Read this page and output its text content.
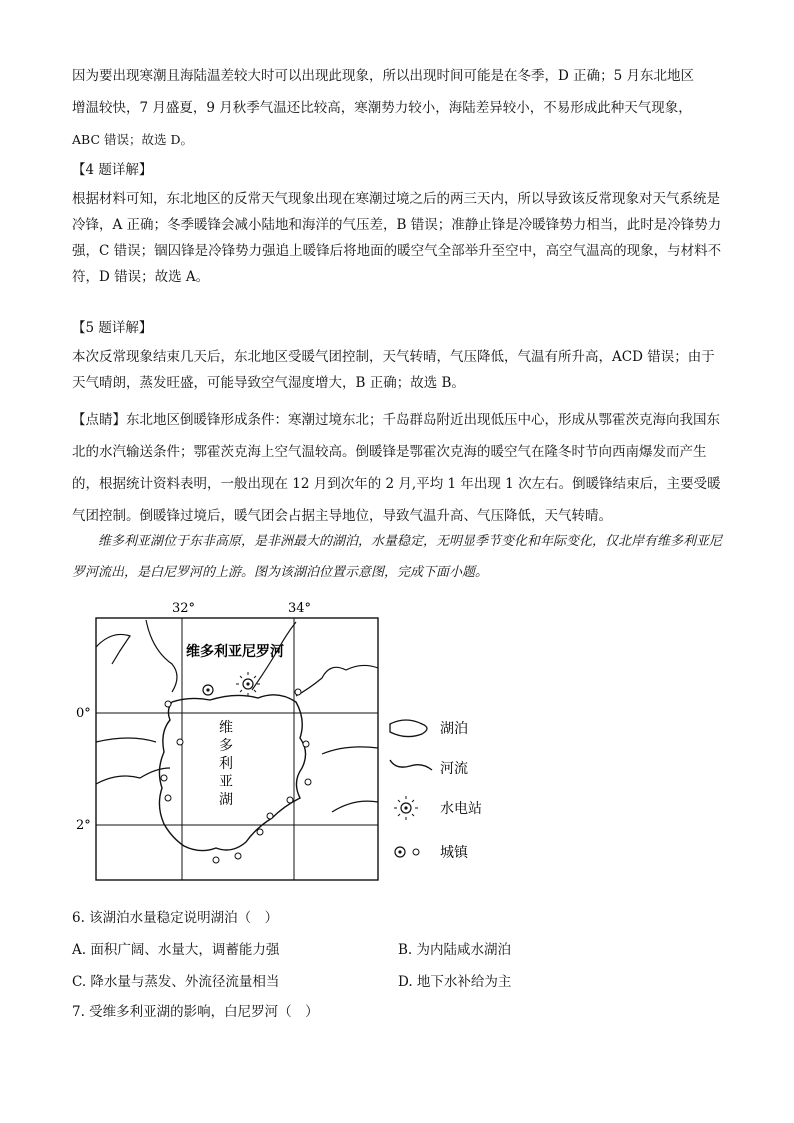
因为要出现寒潮且海陆温差较大时可以出现此现象，所以出现时间可能是在冬季，D 正确；5 月东北地区
增温较快，7 月盛夏，9 月秋季气温还比较高，寒潮势力较小，海陆差异较小，不易形成此种天气现象，
ABC 错误；故选 D。
【4 题详解】

根据材料可知，东北地区的反常天气现象出现在寒潮过境之后的两三天内，所以导致该反常现象对天气系统是冷锋，A 正确；冬季暖锋会减小陆地和海洋的气压差，B 错误；准静止锋是冷暖锋势力相当，此时是冷锋势力强，C 错误；锢囚锋是冷锋势力强追上暖锋后将地面的暖空气全部举升至空中，高空气温高的现象，与材料不符，D 错误；故选 A。

【5 题详解】

本次反常现象结束几天后，东北地区受暖气团控制，天气转晴，气压降低，气温有所升高，ACD 错误；由于天气晴朗，蒸发旺盛，可能导致空气湿度增大，B 正确；故选 B。

【点睛】东北地区倒暖锋形成条件：寒潮过境东北；千岛群岛附近出现低压中心，形成从鄂霍茨克海向我国东北的水汽输送条件；鄂霍茨克海上空气温较高。倒暖锋是鄂霍次克海的暖空气在隆冬时节向西南爆发而产生的，根据统计资料表明，一般出现在 12 月到次年的 2 月,平均 1 年出现 1 次左右。倒暖锋结束后，主要受暖气团控制。倒暖锋过境后，暖气团会占据主导地位，导致气温升高、气压降低，天气转晴。

维多利亚湖位于东非高原，是非洲最大的湖泊，水量稳定，无明显季节变化和年际变化，仅北岸有维多利亚尼罗河流出，是白尼罗河的上游。图为该湖泊位置示意图，完成下面小题。

32°	34°
0°
2°
维多利亚尼罗河
维
多
利
亚
湖
湖泊
河流
水电站
城镇
6. 该湖泊水量稳定说明湖泊（　）
A. 面积广阔、水量大，调蓄能力强	B. 为内陆咸水湖泊
C. 降水量与蒸发、外流径流量相当	D. 地下水补给为主
7. 受维多利亚湖的影响，白尼罗河（　）
